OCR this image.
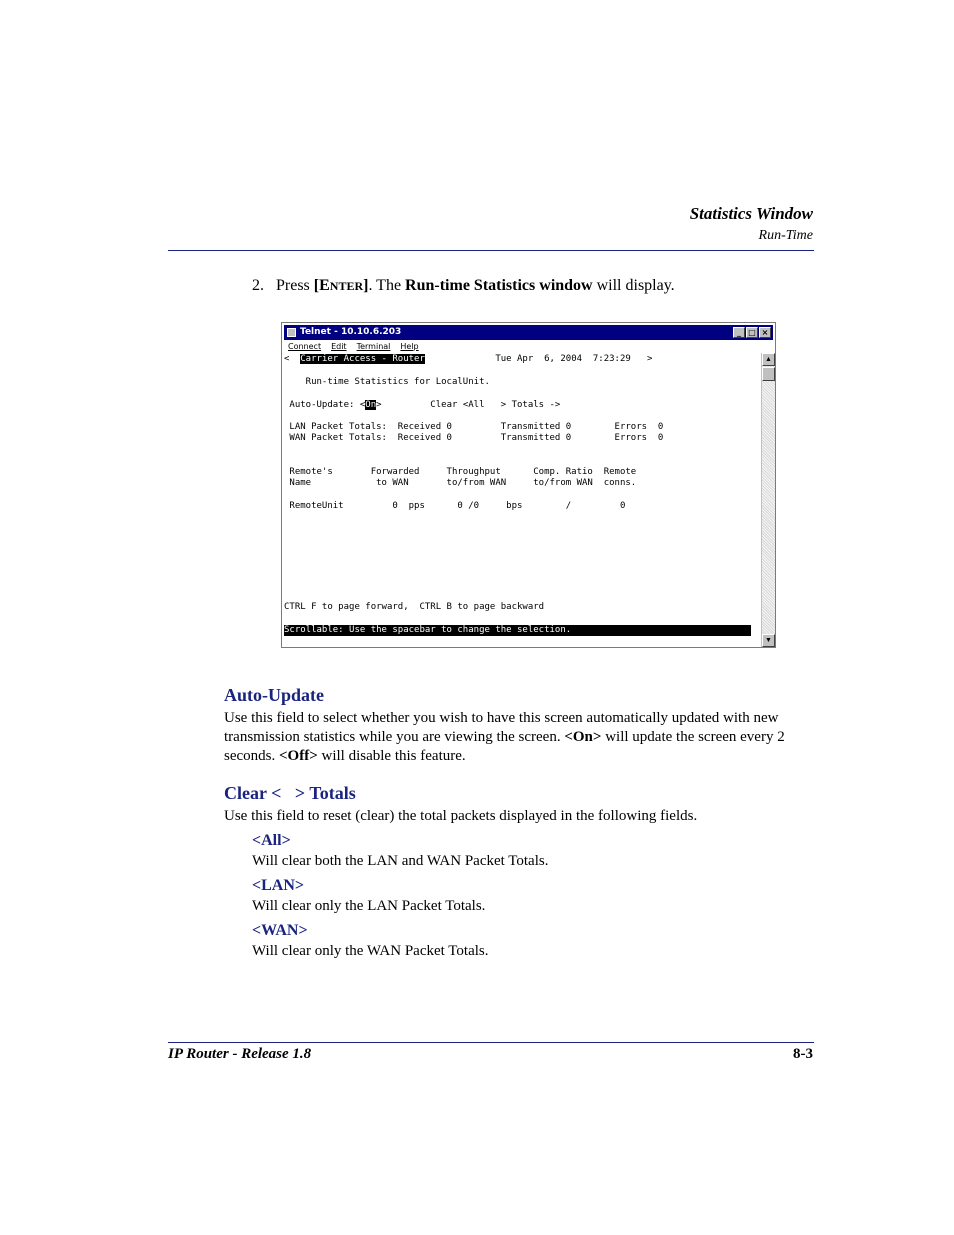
Statistics Window
Run-Time
2. Press [ENTER]. The Run-time Statistics window will display.
Telnet - 10.10.6.203	_ □ ×
Connect Edit Terminal Help
<  Carrier Access - Router             Tue Apr  6, 2004  7:23:29   >
Run-time Statistics for LocalUnit.
Auto-Update: <On>         Clear <All   > Totals ->
LAN Packet Totals:  Received 0         Transmitted 0        Errors  0
WAN Packet Totals:  Received 0         Transmitted 0        Errors  0
Remote's       Forwarded     Throughput      Comp. Ratio  Remote
Name            to WAN       to/from WAN     to/from WAN  conns.
RemoteUnit         0  pps      0 /0     bps        /         0
CTRL F to page forward,  CTRL B to page backward
Scrollable: Use the spacebar to change the selection.
▲
▼
Auto-Update
Use this field to select whether you wish to have this screen automatically updated with new
transmission statistics while you are viewing the screen. <On> will update the screen every 2
seconds. <Off> will disable this feature.
Clear <   > Totals
Use this field to reset (clear) the total packets displayed in the following fields.
<All>
Will clear both the LAN and WAN Packet Totals.
<LAN>
Will clear only the LAN Packet Totals.
<WAN>
Will clear only the WAN Packet Totals.
IP Router - Release 1.8	8-3
